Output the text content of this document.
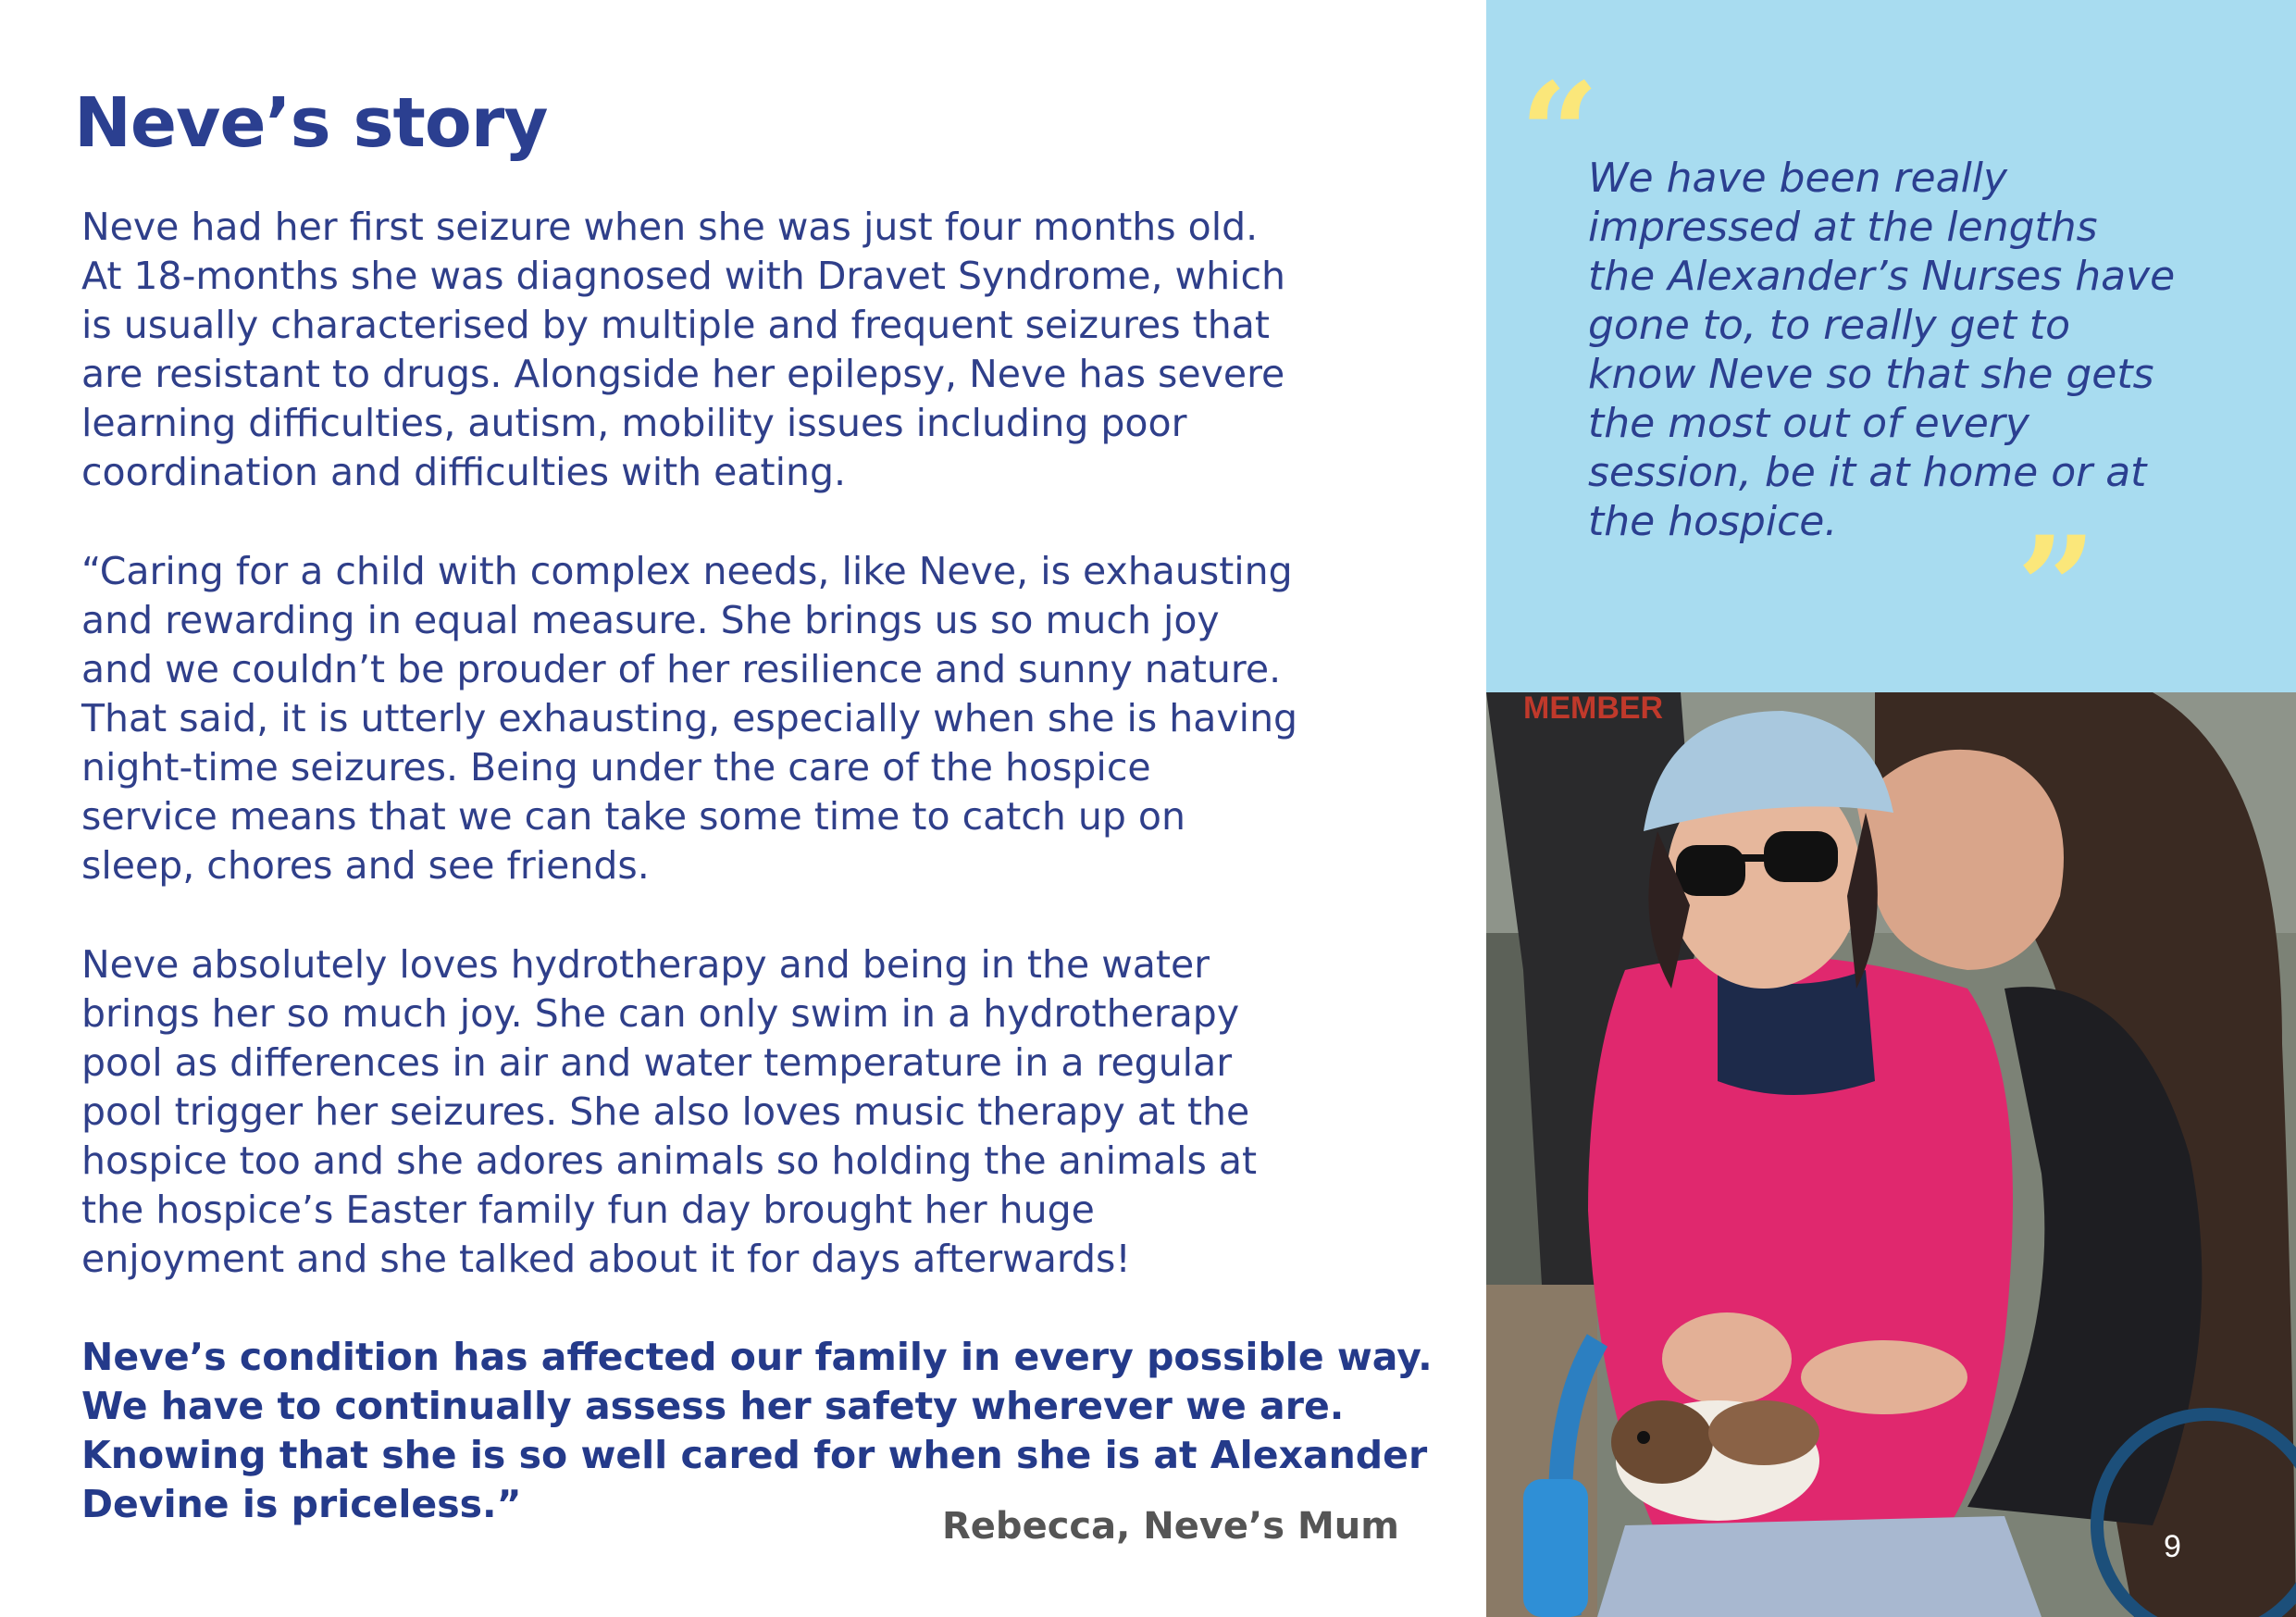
Neve’s story
Neve had her first seizure when she was just four months old.
At 18-months she was diagnosed with Dravet Syndrome, which
is usually characterised by multiple and frequent seizures that
are resistant to drugs. Alongside her epilepsy, Neve has severe
learning difficulties, autism, mobility issues including poor
coordination and difficulties with eating.
“Caring for a child with complex needs, like Neve, is exhausting
and rewarding in equal measure. She brings us so much joy
and we couldn’t be prouder of her resilience and sunny nature.
That said, it is utterly exhausting, especially when she is having
night-time seizures. Being under the care of the hospice
service means that we can take some time to catch up on
sleep, chores and see friends.
Neve absolutely loves hydrotherapy and being in the water
brings her so much joy. She can only swim in a hydrotherapy
pool as differences in air and water temperature in a regular
pool trigger her seizures. She also loves music therapy at the
hospice too and she adores animals so holding the animals at
the hospice’s Easter family fun day brought her huge
enjoyment and she talked about it for days afterwards!
Neve’s condition has affected our family in every possible way.
We have to continually assess her safety wherever we are.
Knowing that she is so well cared for when she is at Alexander
Devine is priceless.”	Rebecca, Neve’s Mum

“
We have been really
impressed at the lengths
the Alexander’s Nurses have
gone to, to really get to
know Neve so that she gets
the most out of every
session, be it at home or at
the hospice.	”
MEMBER

9
